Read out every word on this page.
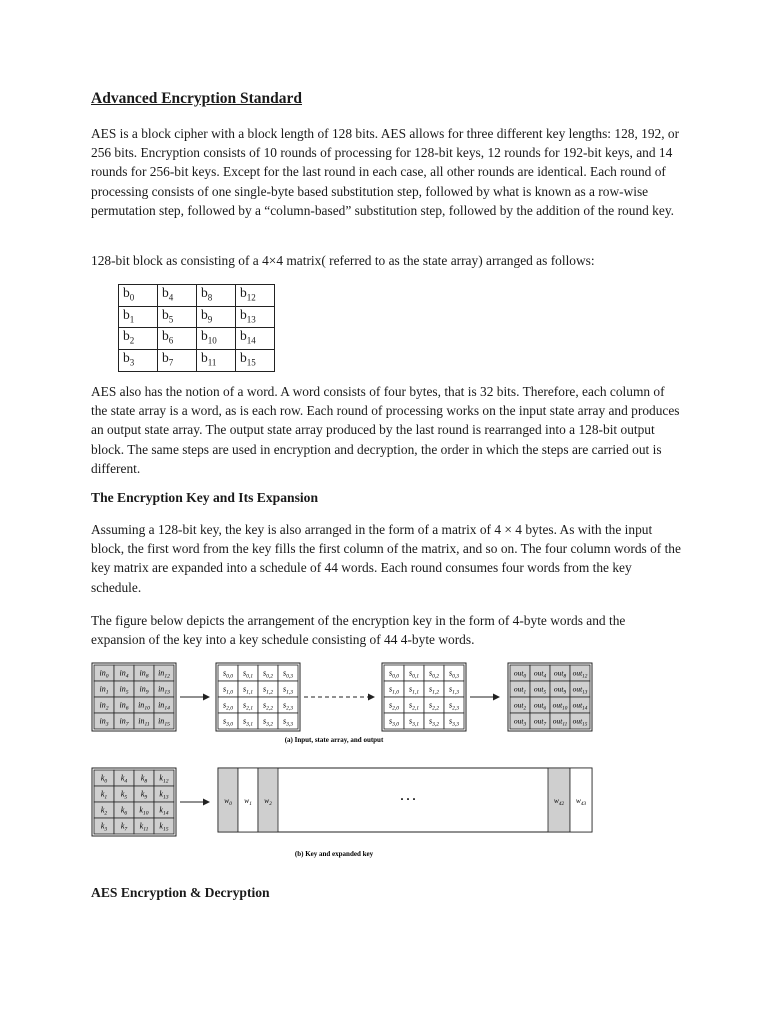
Advanced Encryption Standard

AES is a block cipher with a block length of 128 bits. AES allows for three different key lengths: 128, 192, or 256 bits. Encryption consists of 10 rounds of processing for 128-bit keys, 12 rounds for 192-bit keys, and 14 rounds for 256-bit keys. Except for the last round in each case, all other rounds are identical. Each round of processing consists of one single-byte based substitution step, followed by what is known as a row-wise permutation step, followed by a “column-based” substitution step, followed by the addition of the round key.

128-bit block as consisting of a 4×4 matrix( referred to as the state array) arranged as follows:

$b_0$	$b_4$	$b_8$	$b_{12}$
$b_1$	$b_5$	$b_9$	$b_{13}$
$b_2$	$b_6$	$b_{10}$	$b_{14}$
$b_3$	$b_7$	$b_{11}$	$b_{15}$

AES also has the notion of a word. A word consists of four bytes, that is 32 bits. Therefore, each column of the state array is a word, as is each row. Each round of processing works on the input state array and produces an output state array. The output state array produced by the last round is rearranged into a 128-bit output block. The same steps are used in encryption and decryption, the order in which the steps are carried out is different.

The Encryption Key and Its Expansion

Assuming a 128-bit key, the key is also arranged in the form of a matrix of 4 × 4 bytes. As with the input block, the first word from the key fills the first column of the matrix, and so on. The four column words of the key matrix are expanded into a schedule of 44 words. Each round consumes four words from the key schedule.

The figure below depicts the arrangement of the encryption key in the form of 4-byte words and the expansion of the key into a key schedule consisting of 44 4-byte words.

$in_0$ $in_4$ $in_8$ $in_{12}$
$in_1$ $in_5$ $in_9$ $in_{13}$
$in_2$ $in_6$ $in_{10}$ $in_{14}$
$in_3$ $in_7$ $in_{11}$ $in_{15}$
$s_{0,0}$ $s_{0,1}$ $s_{0,2}$ $s_{0,3}$
$s_{1,0}$ $s_{1,1}$ $s_{1,2}$ $s_{1,3}$
$s_{2,0}$ $s_{2,1}$ $s_{2,2}$ $s_{2,3}$
$s_{3,0}$ $s_{3,1}$ $s_{3,2}$ $s_{3,3}$
$s_{0,0}$ $s_{0,1}$ $s_{0,2}$ $s_{0,3}$
$s_{1,0}$ $s_{1,1}$ $s_{1,2}$ $s_{1,3}$
$s_{2,0}$ $s_{2,1}$ $s_{2,2}$ $s_{2,3}$
$s_{3,0}$ $s_{3,1}$ $s_{3,2}$ $s_{3,3}$
out$_0$ out$_4$ out$_8$ out$_{12}$
out$_1$ out$_5$ out$_9$ out$_{13}$
out$_2$ out$_6$ out$_{10}$ out$_{14}$
out$_3$ out$_7$ out$_{11}$ out$_{15}$
(a) Input, state array, and output
$k_0$ $k_4$ $k_8$ $k_{12}$
$k_1$ $k_5$ $k_9$ $k_{13}$
$k_2$ $k_6$ $k_{10}$ $k_{14}$
$k_3$ $k_7$ $k_{11}$ $k_{15}$
$w_0$ $w_1$ $w_2$
. . .	$w_{42}$ $w_{43}$
(b) Key and expanded key
AES Encryption & Decryption
